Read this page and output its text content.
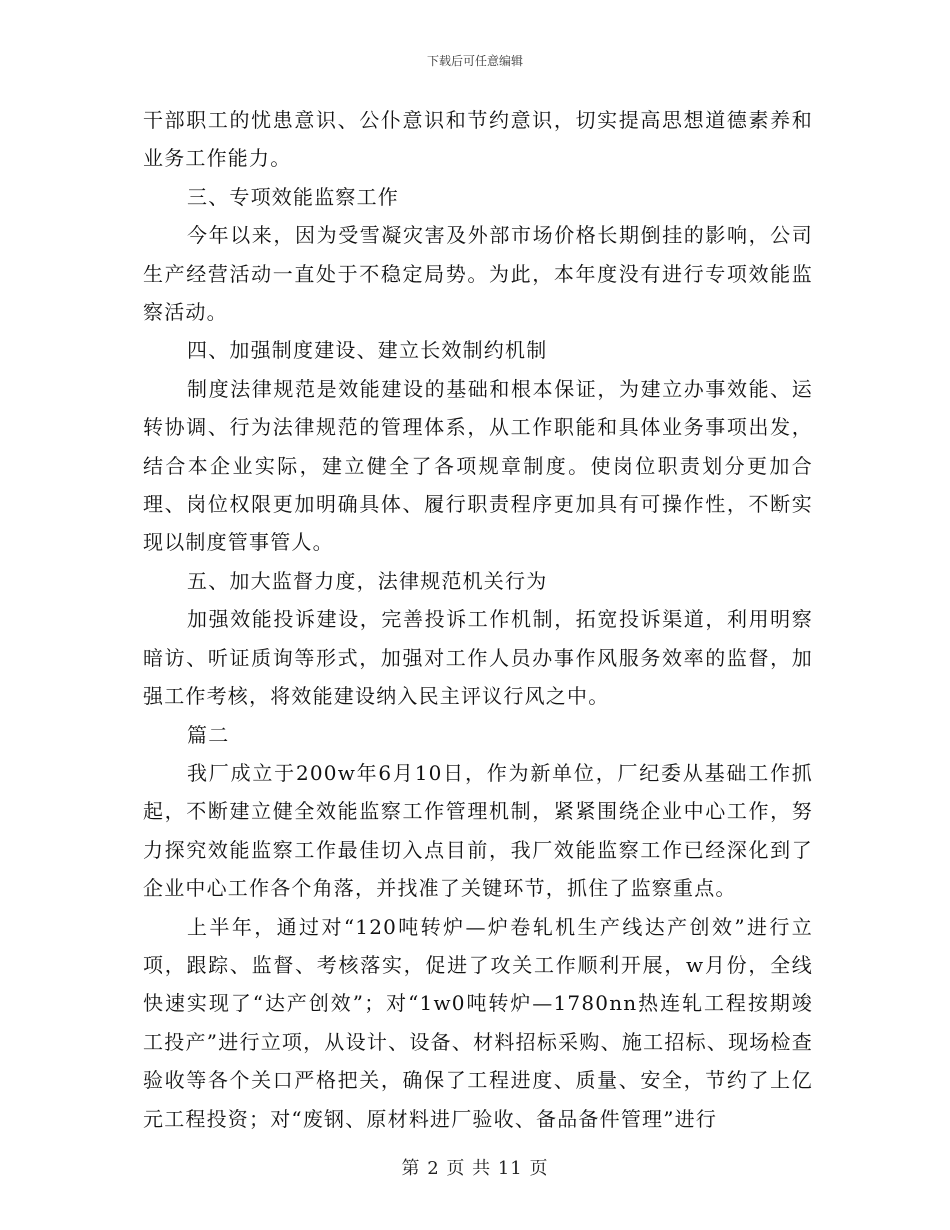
下载后可任意编辑

干部职工的忧患意识、公仆意识和节约意识，切实提高思想道德素养和业务工作能力。

三、专项效能监察工作

今年以来，因为受雪凝灾害及外部市场价格长期倒挂的影响，公司生产经营活动一直处于不稳定局势。为此，本年度没有进行专项效能监察活动。

四、加强制度建设、建立长效制约机制

制度法律规范是效能建设的基础和根本保证，为建立办事效能、运转协调、行为法律规范的管理体系，从工作职能和具体业务事项出发，结合本企业实际，建立健全了各项规章制度。使岗位职责划分更加合理、岗位权限更加明确具体、履行职责程序更加具有可操作性，不断实现以制度管事管人。

五、加大监督力度，法律规范机关行为

加强效能投诉建设，完善投诉工作机制，拓宽投诉渠道，利用明察暗访、听证质询等形式，加强对工作人员办事作风服务效率的监督，加强工作考核，将效能建设纳入民主评议行风之中。

篇二

我厂成立于200w年6月10日，作为新单位，厂纪委从基础工作抓起，不断建立健全效能监察工作管理机制，紧紧围绕企业中心工作，努力探究效能监察工作最佳切入点目前，我厂效能监察工作已经深化到了企业中心工作各个角落，并找准了关键环节，抓住了监察重点。

上半年，通过对“120吨转炉—炉卷轧机生产线达产创效”进行立项，跟踪、监督、考核落实，促进了攻关工作顺利开展，w月份，全线快速实现了“达产创效”；对“1w0吨转炉—1780nn热连轧工程按期竣工投产”进行立项，从设计、设备、材料招标采购、施工招标、现场检查验收等各个关口严格把关，确保了工程进度、质量、安全，节约了上亿元工程投资；对“废钢、原材料进厂验收、备品备件管理”进行

第 2 页 共 11 页
